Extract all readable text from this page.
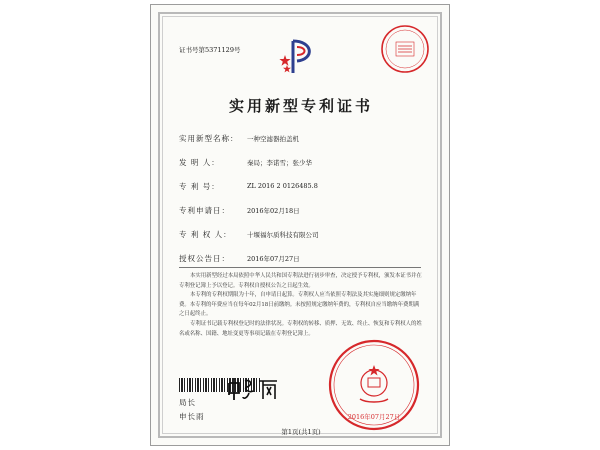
证书号第5371129号
实用新型专利证书
实用新型名称： 一种空滤器拍盖机
发 明 人：	秦局；李诺雪；张少华
专 利 号：	ZL 2016 2 0126485.8
专利申请日：	2016年02月18日
专 利 权 人： 十堰福尔质科技有限公司
授权公告日：	2016年07月27日

本实用新型经过本局依照中华人民共和国专利法进行初步审查，决定授予专利权，颁发本证书并在专利登记簿上予以登记。专利权自授权公告之日起生效。

本专利的专利权期限为十年，自申请日起算。专利权人应当依照专利法及其实施细则规定缴纳年费。本专利的年费应当在每年02月18日前缴纳。未按照规定缴纳年费的，专利权自应当缴纳年费期满之日起终止。

专利证书记载专利权登记时的法律状况。专利权的转移、质押、无效、终止、恢复和专利权人的姓名或名称、国籍、地址变更等事项记载在专利登记簿上。

局长
申长雨	2016年07月27日
第1页(共1页)
